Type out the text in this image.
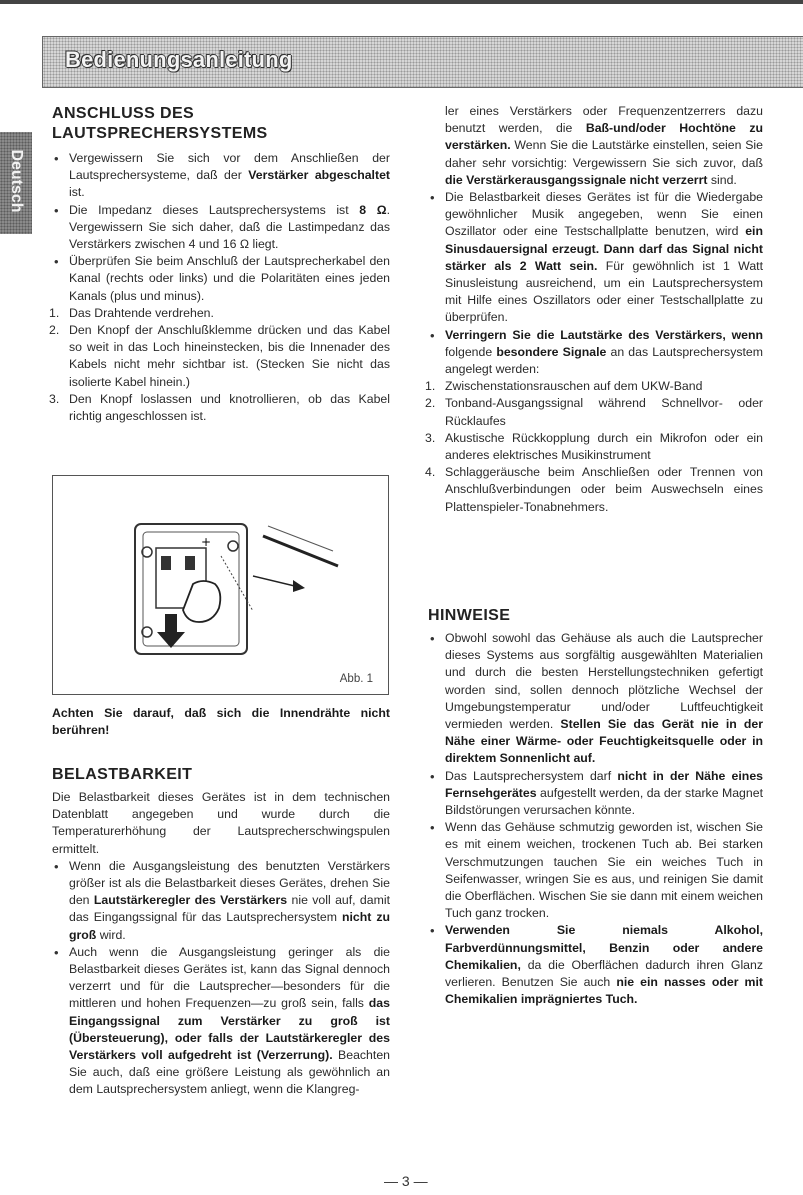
Bedienungsanleitung
Deutsch
ANSCHLUSS DES
LAUTSPRECHERSYSTEMS
• Vergewissern Sie sich vor dem Anschließen der Lautsprechersysteme, daß der Verstärker abgeschaltet ist.
• Die Impedanz dieses Lautsprechersystems ist 8 Ω. Vergewissern Sie sich daher, daß die Lastimpedanz das Verstärkers zwischen 4 und 16 Ω liegt.
• Überprüfen Sie beim Anschluß der Lautsprecherkabel den Kanal (rechts oder links) und die Polaritäten eines jeden Kanals (plus und minus).
1. Das Drahtende verdrehen.
2. Den Knopf der Anschlußklemme drücken und das Kabel so weit in das Loch hineinstecken, bis die Innenader des Kabels nicht mehr sichtbar ist. (Stecken Sie nicht das isolierte Kabel hinein.)
3. Den Knopf loslassen und knotrollieren, ob das Kabel richtig angeschlossen ist.
+
Abb. 1
Achten Sie darauf, daß sich die Innendrähte nicht berühren!
BELASTBARKEIT
Die Belastbarkeit dieses Gerätes ist in dem technischen Datenblatt angegeben und wurde durch die Temperaturerhöhung der Lautsprecherschwingspulen ermittelt.
• Wenn die Ausgangsleistung des benutzten Verstärkers größer ist als die Belastbarkeit dieses Gerätes, drehen Sie den Lautstärkeregler des Verstärkers nie voll auf, damit das Eingangssignal für das Lautsprechersystem nicht zu groß wird.
• Auch wenn die Ausgangsleistung geringer als die Belastbarkeit dieses Gerätes ist, kann das Signal dennoch verzerrt und für die Lautsprecher—besonders für die mittleren und hohen Frequenzen—zu groß sein, falls das Eingangssignal zum Verstärker zu groß ist (Übersteuerung), oder falls der Lautstärkeregler des Verstärkers voll aufgedreht ist (Verzerrung). Beachten Sie auch, daß eine größere Leistung als gewöhnlich an dem Lautsprechersystem anliegt, wenn die Klangreg-
ler eines Verstärkers oder Frequenzentzerrers dazu benutzt werden, die Baß-und/oder Hochtöne zu verstärken. Wenn Sie die Lautstärke einstellen, seien Sie daher sehr vorsichtig: Vergewissern Sie sich zuvor, daß die Verstärkerausgangssignale nicht verzerrt sind.
• Die Belastbarkeit dieses Gerätes ist für die Wiedergabe gewöhnlicher Musik angegeben, wenn Sie einen Oszillator oder eine Testschallplatte benutzen, wird ein Sinusdauersignal erzeugt. Dann darf das Signal nicht stärker als 2 Watt sein. Für gewöhnlich ist 1 Watt Sinusleistung ausreichend, um ein Lautsprechersystem mit Hilfe eines Oszillators oder einer Testschallplatte zu überprüfen.
• Verringern Sie die Lautstärke des Verstärkers, wenn folgende besondere Signale an das Lautsprechersystem angelegt werden:
1. Zwischenstationsrauschen auf dem UKW-Band
2. Tonband-Ausgangssignal während Schnellvor- oder Rücklaufes
3. Akustische Rückkopplung durch ein Mikrofon oder ein anderes elektrisches Musikinstrument
4. Schlaggeräusche beim Anschließen oder Trennen von Anschlußverbindungen oder beim Auswechseln eines Plattenspieler-Tonabnehmers.
HINWEISE
• Obwohl sowohl das Gehäuse als auch die Lautsprecher dieses Systems aus sorgfältig ausgewählten Materialien und durch die besten Herstellungstechniken gefertigt worden sind, sollen dennoch plötzliche Wechsel der Umgebungstemperatur und/oder Luftfeuchtigkeit vermieden werden. Stellen Sie das Gerät nie in der Nähe einer Wärme- oder Feuchtigkeitsquelle oder in direktem Sonnenlicht auf.
• Das Lautsprechersystem darf nicht in der Nähe eines Fernsehgerätes aufgestellt werden, da der starke Magnet Bildstörungen verursachen könnte.
• Wenn das Gehäuse schmutzig geworden ist, wischen Sie es mit einem weichen, trockenen Tuch ab. Bei starken Verschmutzungen tauchen Sie ein weiches Tuch in Seifenwasser, wringen Sie es aus, und reinigen Sie damit die Oberflächen. Wischen Sie sie dann mit einem weichen Tuch ganz trocken.
• Verwenden Sie niemals Alkohol, Farbverdünnungsmittel, Benzin oder andere Chemikalien, da die Oberflächen dadurch ihren Glanz verlieren. Benutzen Sie auch nie ein nasses oder mit Chemikalien imprägniertes Tuch.
— 3 —
